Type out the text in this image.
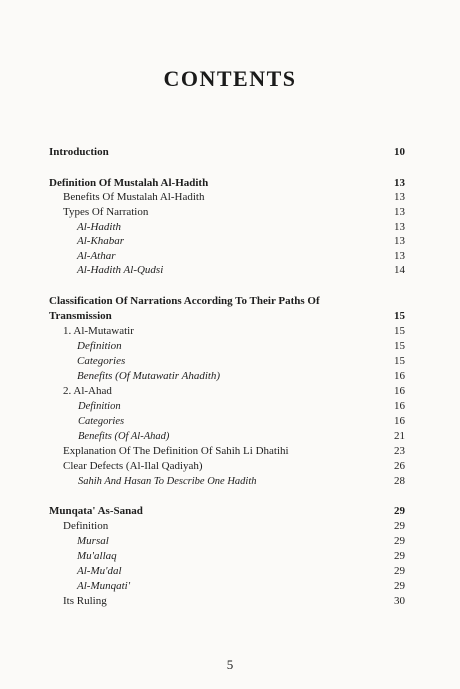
CONTENTS
Introduction	10
Definition Of Mustalah Al-Hadith	13
Benefits Of Mustalah Al-Hadith	13
Types Of Narration	13
Al-Hadith	13
Al-Khabar	13
Al-Athar	13
Al-Hadith Al-Qudsi	14
Classification Of Narrations According To Their Paths Of
Transmission	15
1. Al-Mutawatir	15
Definition	15
Categories	15
Benefits (Of Mutawatir Ahadith)	16
2. Al-Ahad	16
Definition	16
Categories	16
Benefits (Of Al-Ahad)	21
Explanation Of The Definition Of Sahih Li Dhatihi	23
Clear Defects (Al-Ilal Qadiyah)	26
Sahih And Hasan To Describe One Hadith	28
Munqata' As-Sanad	29
Definition	29
Mursal	29
Mu'allaq	29
Al-Mu'dal	29
Al-Munqati'	29
Its Ruling	30
5
